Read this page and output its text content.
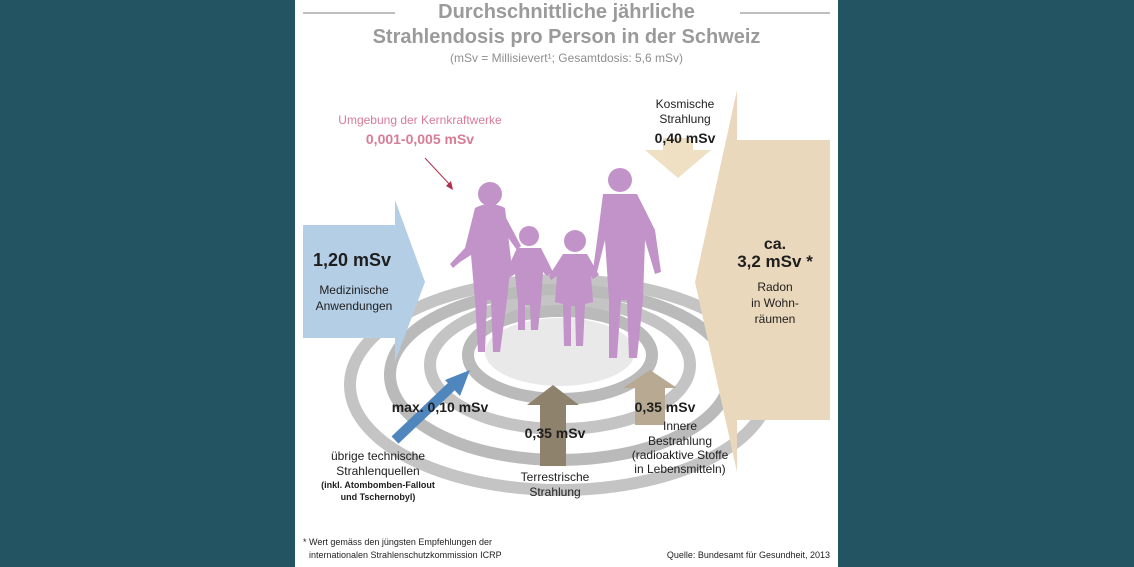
Durchschnittliche jährliche
Strahlendosis pro Person in der Schweiz
(mSv = Millisievert¹; Gesamtdosis: 5,6 mSv)
Umgebung der Kernkraftwerke
0,001-0,005 mSv
Kosmische
Strahlung
0,40 mSv
1,20 mSv
Medizinische
Anwendungen
ca.
3,2 mSv *
Radon
in Wohn-
räumen
max. 0,10 mSv
übrige technische
Strahlenquellen
(inkl. Atombomben-Fallout
und Tschernobyl)
0,35 mSv
Terrestrische
Strahlung
0,35 mSv
Innere
Bestrahlung
(radioaktive Stoffe
in Lebensmitteln)
* Wert gemäss den jüngsten Empfehlungen der
internationalen Strahlenschutzkommission ICRP	Quelle: Bundesamt für Gesundheit, 2013
